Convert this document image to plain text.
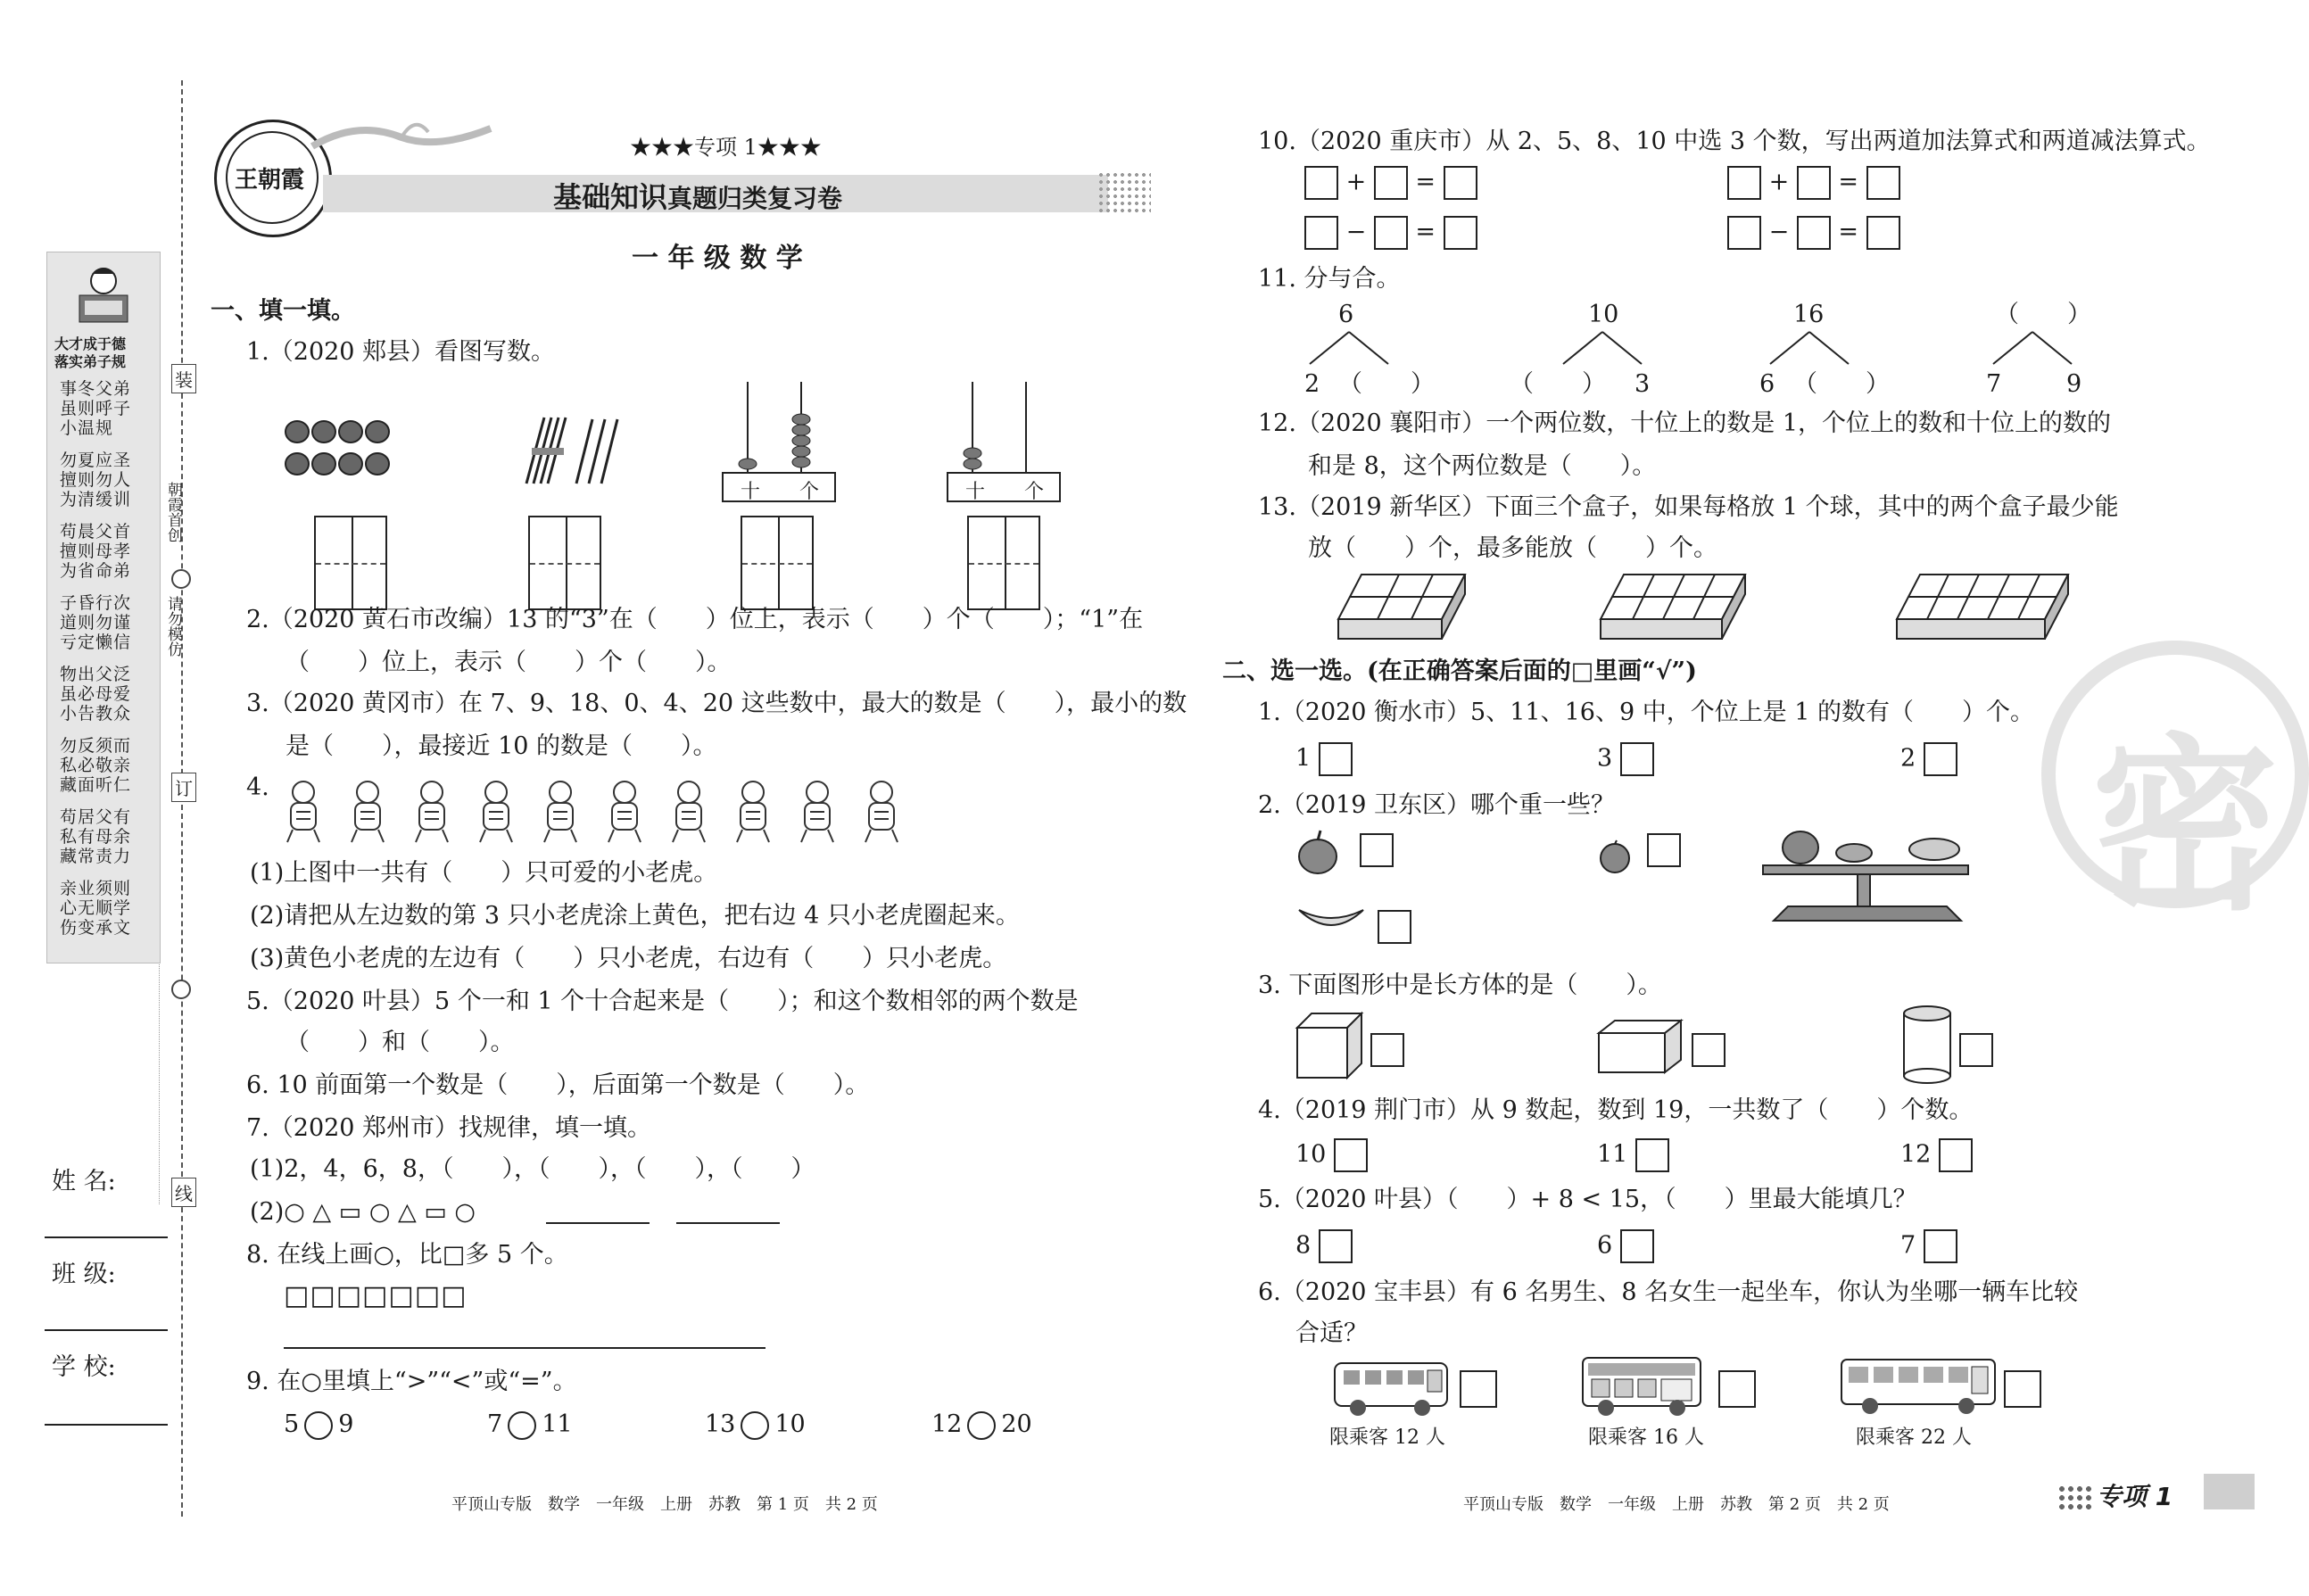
大才成于德
落实弟子规
事冬父弟
虽则呼子
小温规
勿夏应圣
擅则勿人
为清缓训
苟晨父首
擅则母孝
为省命弟
子昏行次
道则勿谨
亏定懒信
物出父泛
虽必母爱
小告教众
勿反须而
私必敬亲
藏面听仁
苟居父有
私有母余
藏常责力
亲业须则
心无顺学
伤变承文
装
订
线
朝霞首创
请勿模仿
姓 名:
班 级:
学 校:
王朝霞
★★★专项 1★★★
基础知识真题归类复习卷
一 年 级 数 学
一、填一填。
1.（2020 郏县）看图写数。
十　　个	十　　个
2.（2020 黄石市改编）13 的“3”在（　　）位上，表示（　　）个（　　）；“1”在
（　　）位上，表示（　　）个（　　）。
3.（2020 黄冈市）在 7、9、18、0、4、20 这些数中，最大的数是（　　），最小的数
是（　　），最接近 10 的数是（　　）。
4.
(1)上图中一共有（　　）只可爱的小老虎。
(2)请把从左边数的第 3 只小老虎涂上黄色，把右边 4 只小老虎圈起来。
(3)黄色小老虎的左边有（　　）只小老虎，右边有（　　）只小老虎。
5.（2020 叶县）5 个一和 1 个十合起来是（　　）；和这个数相邻的两个数是
（　　）和（　　）。
6. 10 前面第一个数是（　　），后面第一个数是（　　）。
7.（2020 郑州市）找规律，填一填。
(1)2，4，6，8，（　　），（　　），（　　），（　　）
(2)○ △ ▭ ○ △ ▭ ○
8. 在线上画○，比□多 5 个。
□□□□□□□
9. 在○里填上“>”“<”或“=”。
5 9	7 11	13 10	12 20
平顶山专版　数学　一年级　上册　苏教　第 1 页　共 2 页
密
10.（2020 重庆市）从 2、5、8、10 中选 3 个数，写出两道加法算式和两道减法算式。
+ =	+ =
− =	− =
11. 分与合。
6
2 （　　）
10
（　　） 3
16
6 （　　）
（　　）
7	9
12.（2020 襄阳市）一个两位数，十位上的数是 1，个位上的数和十位上的数的
和是 8，这个两位数是（　　）。
13.（2019 新华区）下面三个盒子，如果每格放 1 个球，其中的两个盒子最少能
放（　　）个，最多能放（　　）个。
二、选一选。(在正确答案后面的□里画“√”)
1.（2020 衡水市）5、11、16、9 中，个位上是 1 的数有（　　）个。
1	3	2
2.（2019 卫东区）哪个重一些？
3. 下面图形中是长方体的是（　　）。
4.（2019 荆门市）从 9 数起，数到 19，一共数了（　　）个数。
10	11	12
5.（2020 叶县）（　　）+ 8 < 15，（　　）里最大能填几？
8	6	7
6.（2020 宝丰县）有 6 名男生、8 名女生一起坐车，你认为坐哪一辆车比较
合适？
限乘客 12 人	限乘客 16 人	限乘客 22 人
平顶山专版　数学　一年级　上册　苏教　第 2 页　共 2 页	专项 1
